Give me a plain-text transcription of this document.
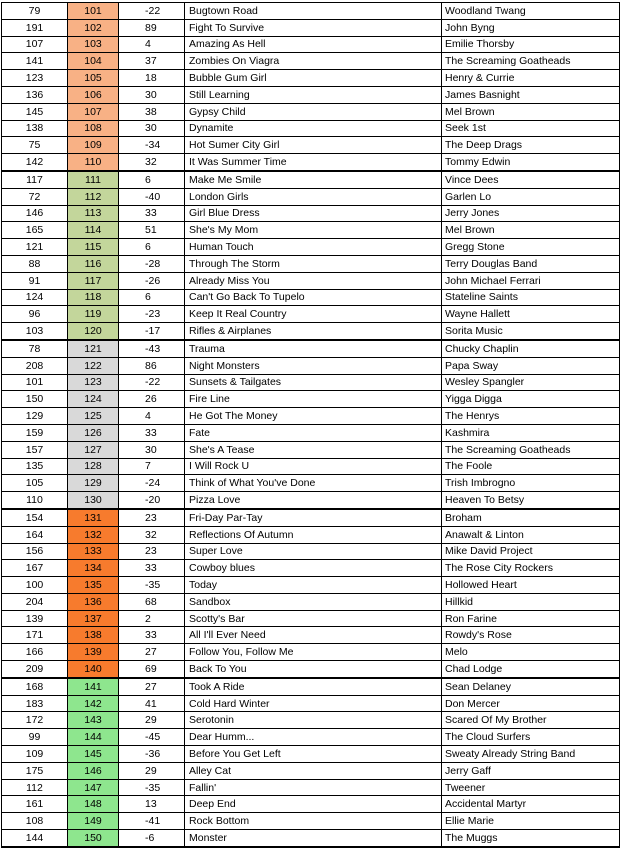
79	101	-22	Bugtown Road	Woodland Twang
191	102	89	Fight To Survive	John Byng
107	103	4	Amazing As Hell	Emilie Thorsby
141	104	37	Zombies On Viagra	The Screaming Goatheads
123	105	18	Bubble Gum Girl	Henry & Currie
136	106	30	Still Learning	James Basnight
145	107	38	Gypsy Child	Mel Brown
138	108	30	Dynamite	Seek 1st
75	109	-34	Hot Sumer City Girl	The Deep Drags
142	110	32	It Was Summer Time	Tommy Edwin
117	111	6	Make Me Smile	Vince Dees
72	112	-40	London Girls	Garlen Lo
146	113	33	Girl Blue Dress	Jerry Jones
165	114	51	She's My Mom	Mel Brown
121	115	6	Human Touch	Gregg Stone
88	116	-28	Through The Storm	Terry Douglas Band
91	117	-26	Already Miss You	John Michael Ferrari
124	118	6	Can't Go Back To Tupelo	Stateline Saints
96	119	-23	Keep It Real Country	Wayne Hallett
103	120	-17	Rifles & Airplanes	Sorita Music
78	121	-43	Trauma	Chucky Chaplin
208	122	86	Night Monsters	Papa Sway
101	123	-22	Sunsets & Tailgates	Wesley Spangler
150	124	26	Fire Line	Yigga Digga
129	125	4	He Got The Money	The Henrys
159	126	33	Fate	Kashmira
157	127	30	She's A Tease	The Screaming Goatheads
135	128	7	I Will Rock U	The Foole
105	129	-24	Think of What You've Done	Trish Imbrogno
110	130	-20	Pizza Love	Heaven To Betsy
154	131	23	Fri-Day Par-Tay	Broham
164	132	32	Reflections Of Autumn	Anawalt & Linton
156	133	23	Super Love	Mike David Project
167	134	33	Cowboy blues	The Rose City Rockers
100	135	-35	Today	Hollowed Heart
204	136	68	Sandbox	Hillkid
139	137	2	Scotty's Bar	Ron Farine
171	138	33	All I'll Ever Need	Rowdy's Rose
166	139	27	Follow You, Follow Me	Melo
209	140	69	Back To You	Chad Lodge
168	141	27	Took A Ride	Sean Delaney
183	142	41	Cold Hard Winter	Don Mercer
172	143	29	Serotonin	Scared Of My Brother
99	144	-45	Dear Humm...	The Cloud Surfers
109	145	-36	Before You Get Left	Sweaty Already String Band
175	146	29	Alley Cat	Jerry Gaff
112	147	-35	Fallin'	Tweener
161	148	13	Deep End	Accidental Martyr
108	149	-41	Rock Bottom	Ellie Marie
144	150	-6	Monster	The Muggs
